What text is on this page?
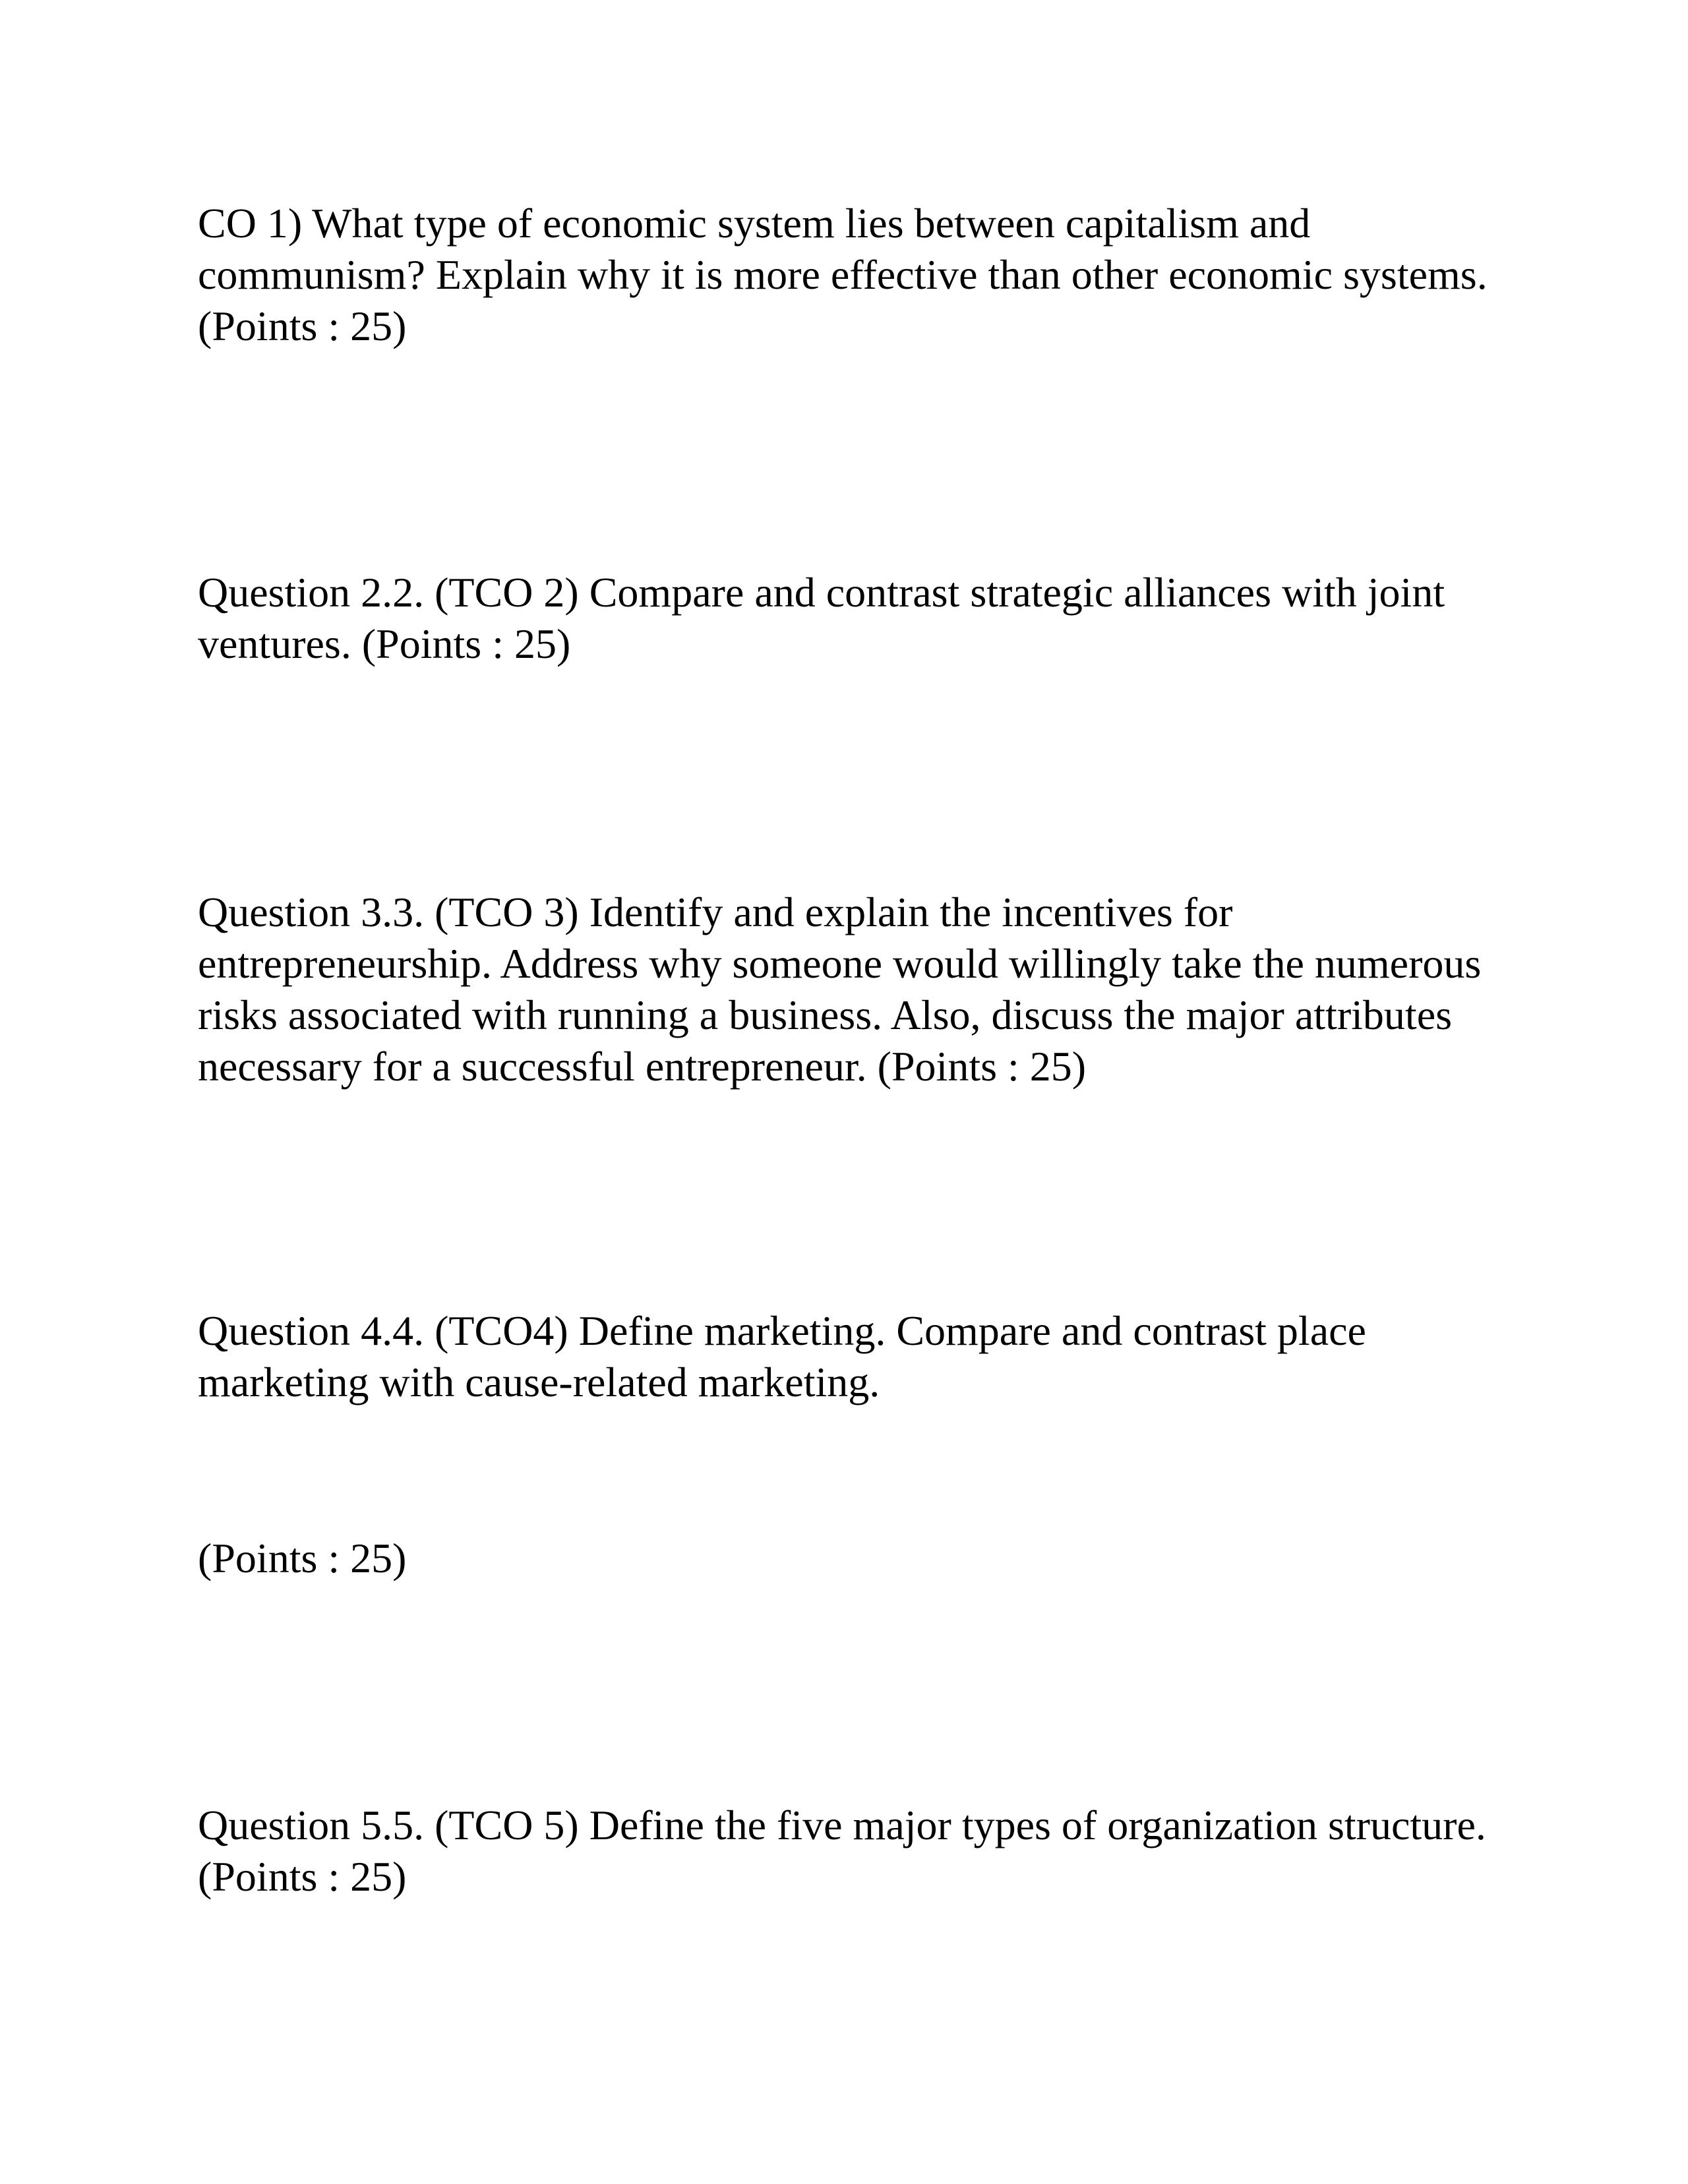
CO 1) What type of economic system lies between capitalism and communism? Explain why it is more effective than other economic systems. (Points : 25)

Question 2.2. (TCO 2) Compare and contrast strategic alliances with joint ventures. (Points : 25)

Question 3.3. (TCO 3) Identify and explain the incentives for entrepreneurship. Address why someone would willingly take the numerous risks associated with running a business. Also, discuss the major attributes necessary for a successful entrepreneur. (Points : 25)

Question 4.4. (TCO4) Define marketing. Compare and contrast place marketing with cause-related marketing.

(Points : 25)

Question 5.5. (TCO 5) Define the five major types of organization structure. (Points : 25)
